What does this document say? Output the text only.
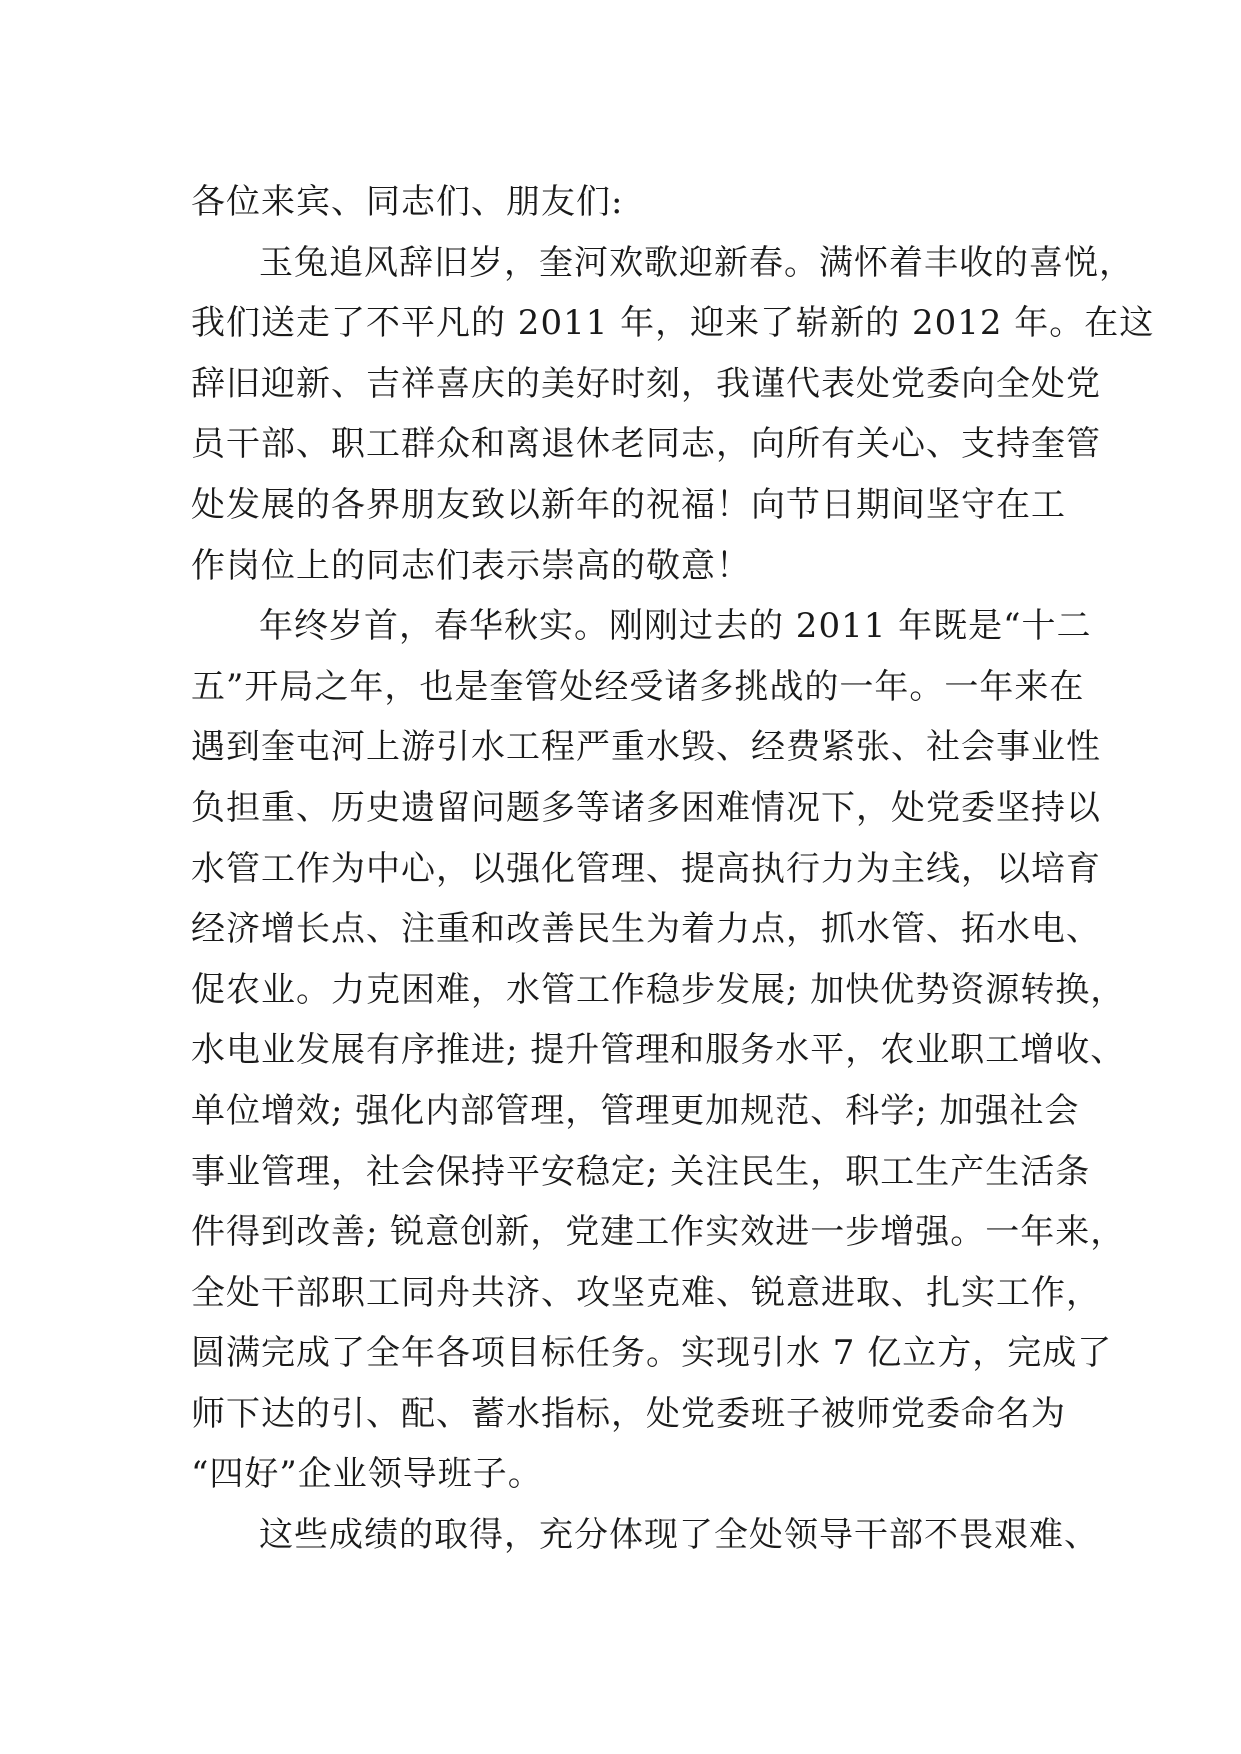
各位来宾、同志们、朋友们:
玉兔追风辞旧岁，奎河欢歌迎新春。满怀着丰收的喜悦，
我们送走了不平凡的 2011 年，迎来了崭新的 2012 年。在这
辞旧迎新、吉祥喜庆的美好时刻，我谨代表处党委向全处党
员干部、职工群众和离退休老同志，向所有关心、支持奎管
处发展的各界朋友致以新年的祝福！向节日期间坚守在工
作岗位上的同志们表示崇高的敬意！
年终岁首，春华秋实。刚刚过去的 2011 年既是“十二
五”开局之年，也是奎管处经受诸多挑战的一年。一年来在
遇到奎屯河上游引水工程严重水毁、经费紧张、社会事业性
负担重、历史遗留问题多等诸多困难情况下，处党委坚持以
水管工作为中心，以强化管理、提高执行力为主线，以培育
经济增长点、注重和改善民生为着力点，抓水管、拓水电、
促农业。力克困难，水管工作稳步发展; 加快优势资源转换，
水电业发展有序推进; 提升管理和服务水平，农业职工增收、
单位增效; 强化内部管理，管理更加规范、科学; 加强社会
事业管理，社会保持平安稳定; 关注民生，职工生产生活条
件得到改善; 锐意创新，党建工作实效进一步增强。一年来，
全处干部职工同舟共济、攻坚克难、锐意进取、扎实工作，
圆满完成了全年各项目标任务。实现引水 7 亿立方，完成了
师下达的引、配、蓄水指标，处党委班子被师党委命名为
“四好”企业领导班子。
这些成绩的取得，充分体现了全处领导干部不畏艰难、
